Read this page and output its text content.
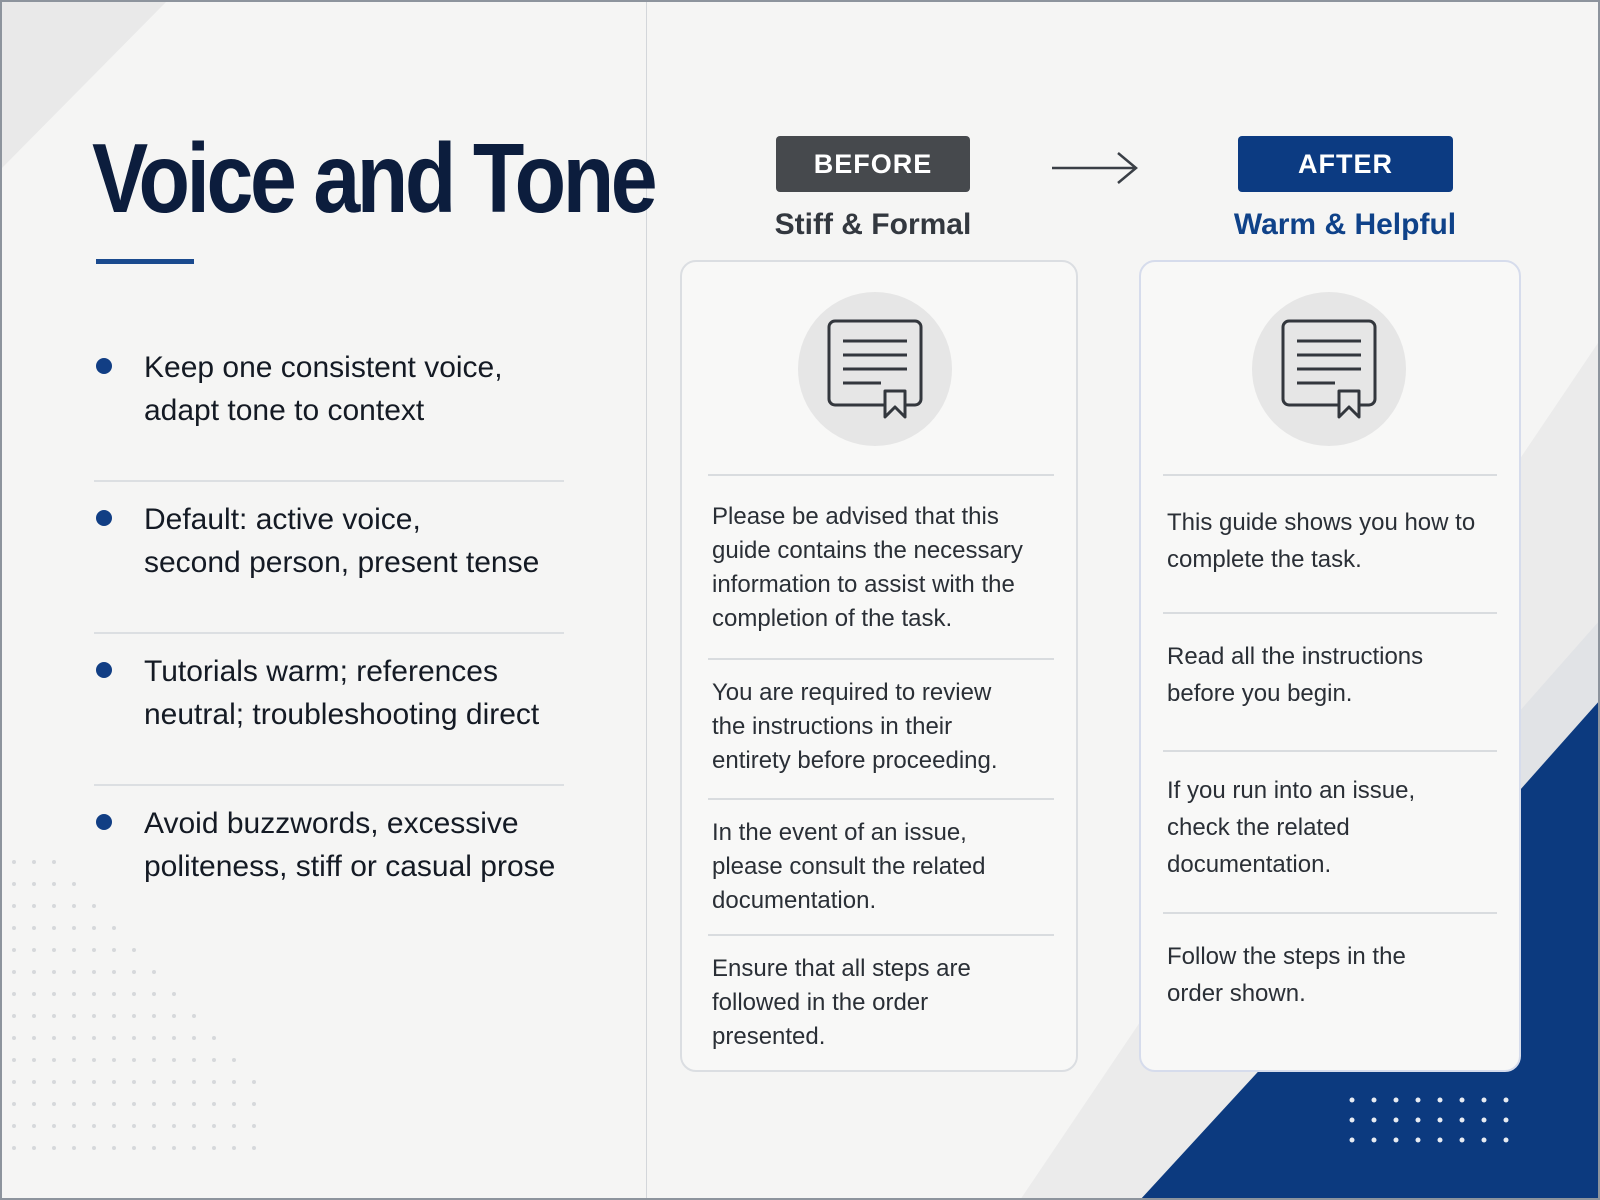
Voice and Tone
Keep one consistent voice,
adapt tone to context
Default: active voice,
second person, present tense
Tutorials warm; references
neutral; troubleshooting direct
Avoid buzzwords, excessive
politeness, stiff or casual prose
BEFORE
Stiff & Formal
AFTER
Warm & Helpful
Please be advised that this
guide contains the necessary
information to assist with the
completion of the task.
You are required to review
the instructions in their
entirety before proceeding.
In the event of an issue,
please consult the related
documentation.
Ensure that all steps are
followed in the order
presented.
This guide shows you how to
complete the task.
Read all the instructions
before you begin.
If you run into an issue,
check the related
documentation.
Follow the steps in the
order shown.
